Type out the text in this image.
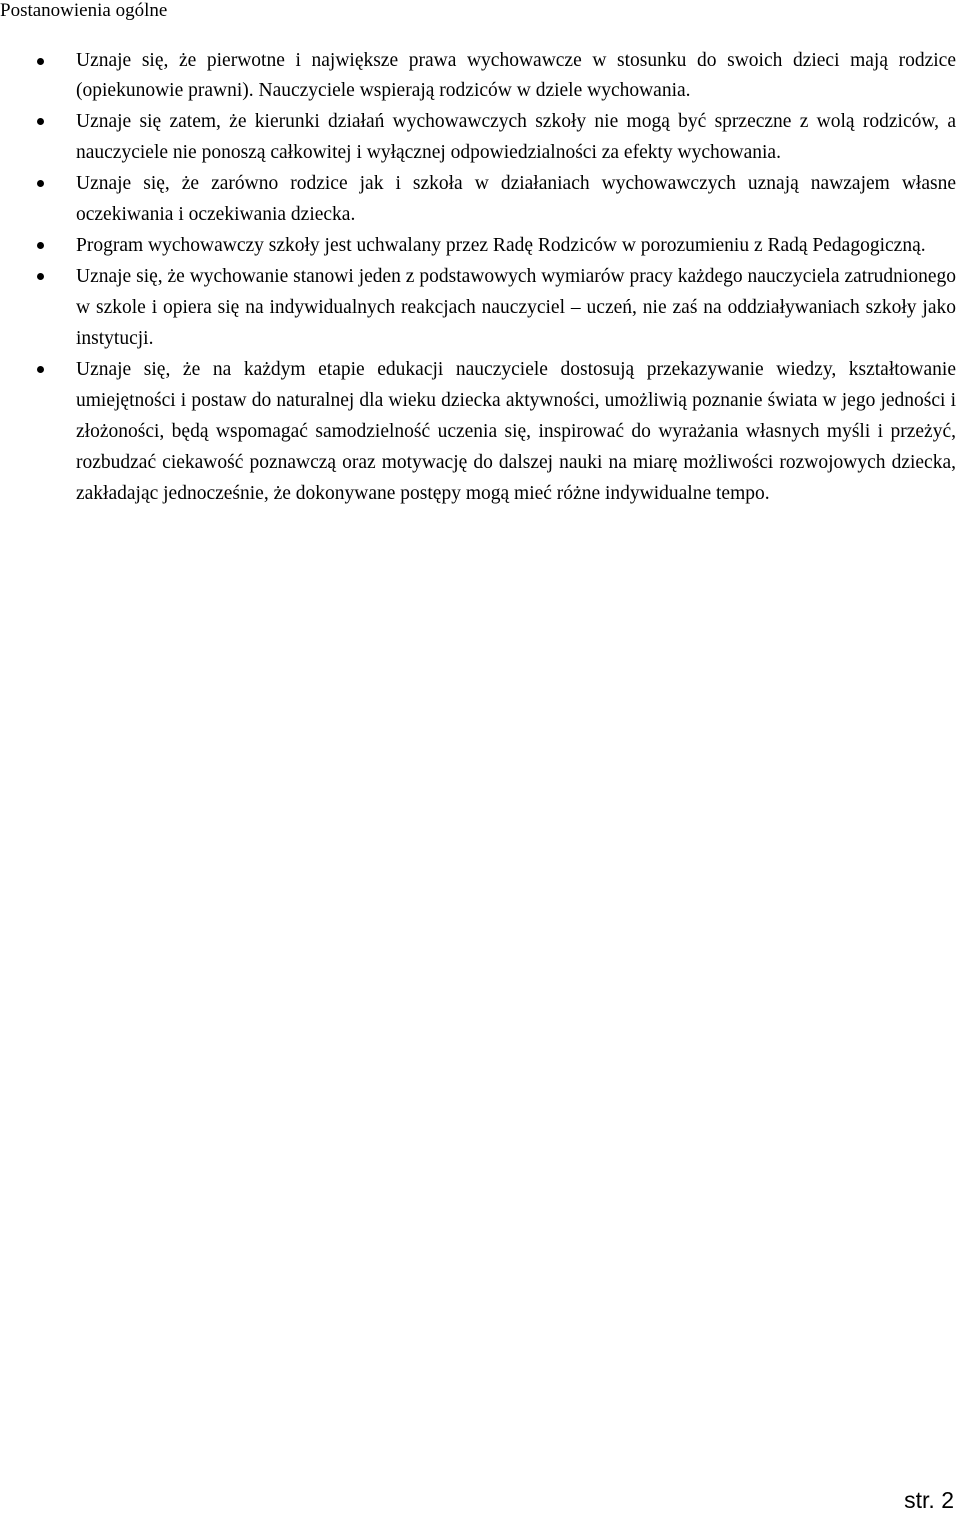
Postanowienia ogólne
Uznaje się, że pierwotne i największe prawa wychowawcze w stosunku do swoich dzieci mają rodzice (opiekunowie prawni). Nauczyciele wspierają rodziców w dziele wychowania.
Uznaje się zatem, że kierunki działań wychowawczych szkoły nie mogą być sprzeczne z wolą rodziców, a nauczyciele nie ponoszą całkowitej i wyłącznej odpowiedzialności za efekty wychowania.
Uznaje się, że zarówno rodzice jak i szkoła w działaniach wychowawczych uznają nawzajem własne oczekiwania i oczekiwania dziecka.
Program wychowawczy szkoły jest uchwalany przez Radę Rodziców w porozumieniu z Radą Pedagogiczną.
Uznaje się, że wychowanie stanowi jeden z podstawowych wymiarów pracy każdego nauczyciela zatrudnionego w szkole i opiera się na indywidualnych reakcjach nauczyciel – uczeń, nie zaś na oddziaływaniach szkoły jako instytucji.
Uznaje się, że na każdym etapie edukacji nauczyciele dostosują przekazywanie wiedzy, kształtowanie umiejętności i postaw do naturalnej dla wieku dziecka aktywności, umożliwią poznanie świata w jego jedności i złożoności, będą wspomagać samodzielność uczenia się, inspirować do wyrażania własnych myśli i przeżyć, rozbudzać ciekawość poznawczą oraz motywację do dalszej nauki na miarę możliwości rozwojowych dziecka, zakładając jednocześnie, że dokonywane postępy mogą mieć różne indywidualne tempo.
str. 2
